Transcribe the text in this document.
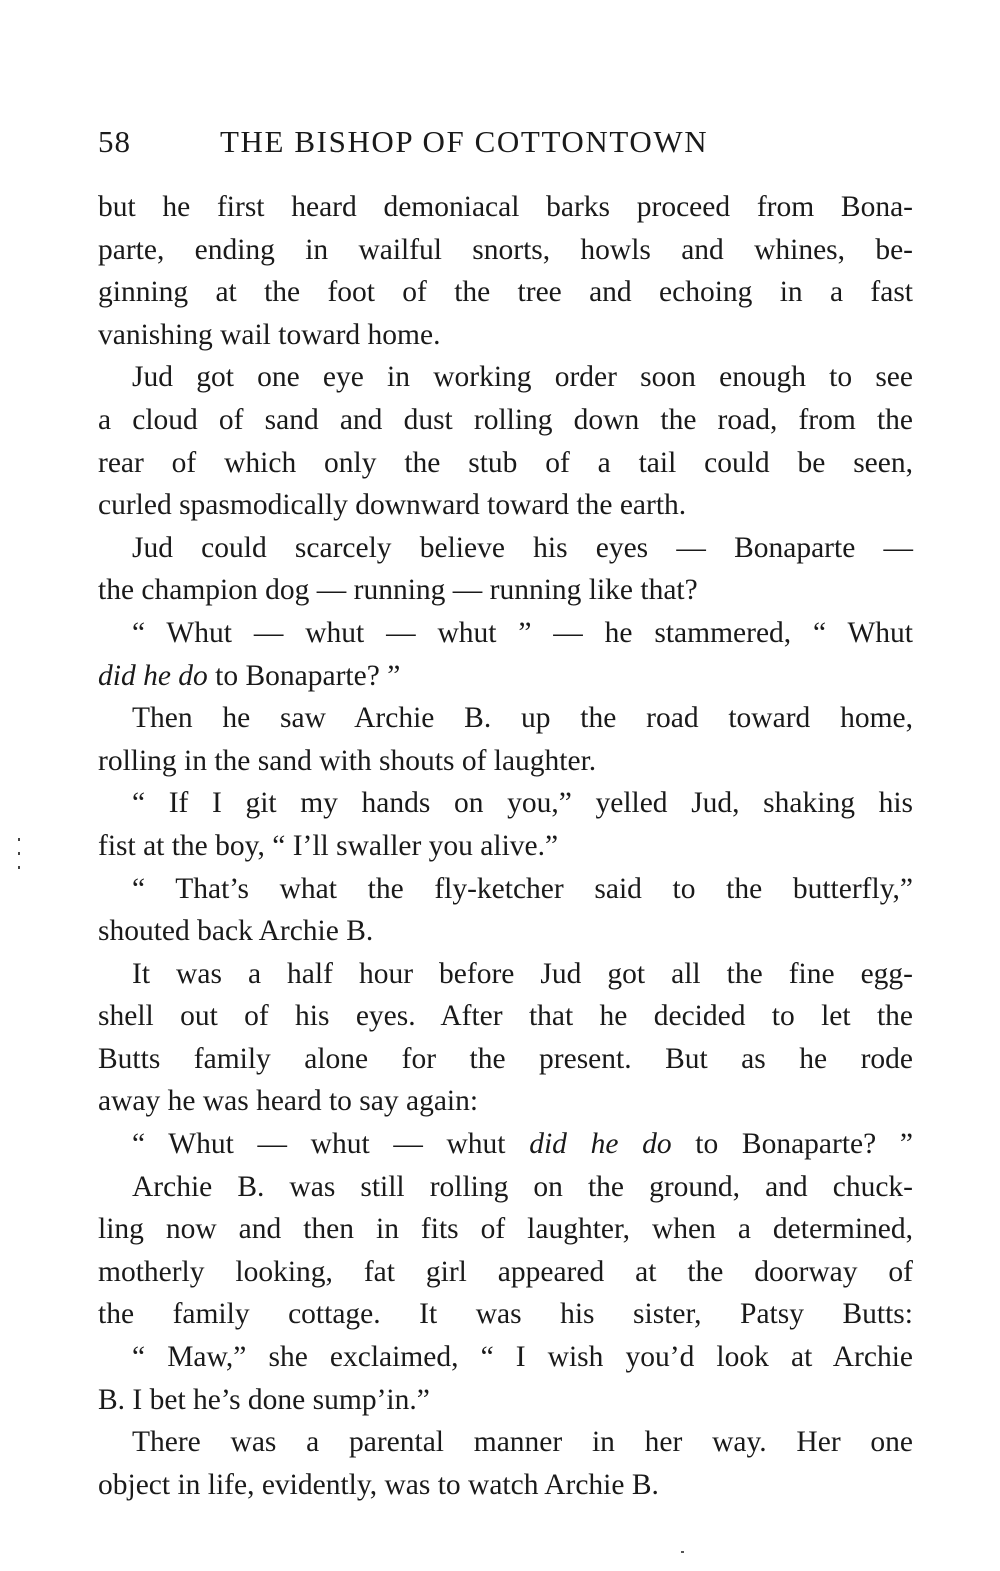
58	THE BISHOP OF COTTONTOWN
but he first heard demoniacal barks proceed from Bona-
parte, ending in wailful snorts, howls and whines, be-
ginning at the foot of the tree and echoing in a fast
vanishing wail toward home.
Jud got one eye in working order soon enough to see
a cloud of sand and dust rolling down the road, from the
rear of which only the stub of a tail could be seen,
curled spasmodically downward toward the earth.
Jud could scarcely believe his eyes — Bonaparte —
the champion dog — running — running like that?
“ Whut — whut — whut ” — he stammered, “ Whut
did he do to Bonaparte? ”
Then he saw Archie B. up the road toward home,
rolling in the sand with shouts of laughter.
“ If I git my hands on you,” yelled Jud, shaking his
fist at the boy, “ I’ll swaller you alive.”
“ That’s what the fly-ketcher said to the butterfly,”
shouted back Archie B.
It was a half hour before Jud got all the fine egg-
shell out of his eyes. After that he decided to let the
Butts family alone for the present. But as he rode
away he was heard to say again:
“ Whut — whut — whut did he do to Bonaparte? ”
Archie B. was still rolling on the ground, and chuck-
ling now and then in fits of laughter, when a determined,
motherly looking, fat girl appeared at the doorway of
the family cottage. It was his sister, Patsy Butts:
“ Maw,” she exclaimed, “ I wish you’d look at Archie
B. I bet he’s done sump’in.”
There was a parental manner in her way. Her one
object in life, evidently, was to watch Archie B.
